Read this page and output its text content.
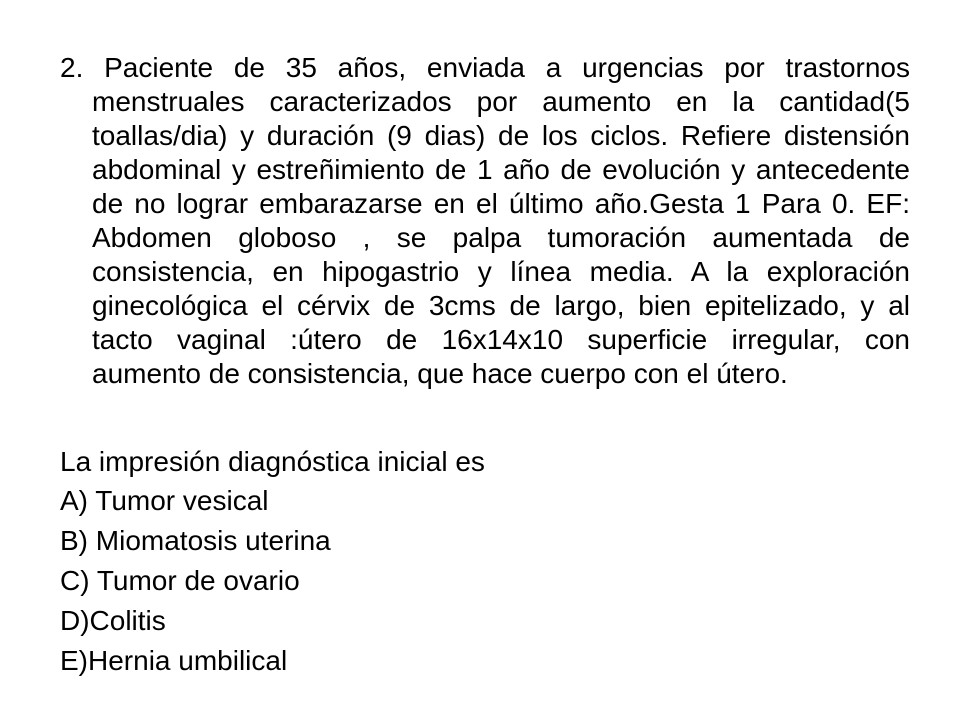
2. Paciente de 35 años, enviada a urgencias por trastornos menstruales caracterizados por aumento en la cantidad(5 toallas/dia) y duración (9 dias) de los ciclos. Refiere distensión abdominal y estreñimiento de 1 año de evolución y antecedente de no lograr embarazarse en el último año.Gesta 1 Para 0. EF: Abdomen globoso , se palpa tumoración aumentada de consistencia, en hipogastrio y línea media. A la exploración ginecológica el cérvix de 3cms de largo, bien epitelizado, y al tacto vaginal :útero de 16x14x10 superficie irregular, con aumento de consistencia, que hace cuerpo con el útero.

La impresión diagnóstica inicial es

A) Tumor vesical
B) Miomatosis uterina
C) Tumor de ovario
D)Colitis
E)Hernia umbilical
